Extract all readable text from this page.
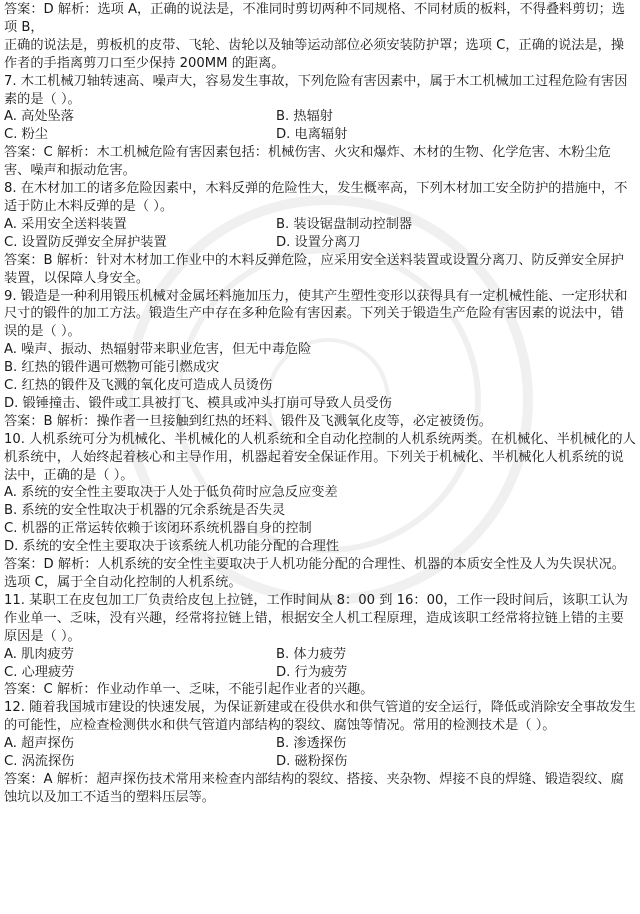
答案：D 解析：选项 A，正确的说法是，不准同时剪切两种不同规格、不同材质的板料，不得叠料剪切；选
项 B，
正确的说法是，剪板机的皮带、飞轮、齿轮以及轴等运动部位必须安装防护罩；选项 C，正确的说法是，操作者的手指离剪刀口至少保持 200MM 的距离。
7. 木工机械刀轴转速高、噪声大，容易发生事故，下列危险有害因素中，属于木工机械加工过程危险有害因素的是（ ）。
A. 高处坠落	B. 热辐射
C. 粉尘	D. 电离辐射
答案：C 解析：木工机械危险有害因素包括：机械伤害、火灾和爆炸、木材的生物、化学危害、木粉尘危害、噪声和振动危害。
8. 在木材加工的诸多危险因素中，木料反弹的危险性大，发生概率高，下列木材加工安全防护的措施中，不适于防止木料反弹的是（ ）。
A. 采用安全送料装置	B. 装设锯盘制动控制器
C. 设置防反弹安全屏护装置	D. 设置分离刀
答案：B 解析：针对木材加工作业中的木料反弹危险，应采用安全送料装置或设置分离刀、防反弹安全屏护装置，以保障人身安全。
9. 锻造是一种利用锻压机械对金属坯料施加压力，使其产生塑性变形以获得具有一定机械性能、一定形状和尺寸的锻件的加工方法。锻造生产中存在多种危险有害因素。下列关于锻造生产危险有害因素的说法中，错误的是（ ）。
A. 噪声、振动、热辐射带来职业危害，但无中毒危险
B. 红热的锻件遇可燃物可能引燃成灾
C. 红热的锻件及飞溅的氧化皮可造成人员烫伤
D. 锻锤撞击、锻件或工具被打飞、模具或冲头打崩可导致人员受伤
答案：B 解析：操作者一旦接触到红热的坯料、锻件及飞溅氧化皮等，必定被烫伤。
10. 人机系统可分为机械化、半机械化的人机系统和全自动化控制的人机系统两类。在机械化、半机械化的人机系统中，人始终起着核心和主导作用，机器起着安全保证作用。下列关于机械化、半机械化人机系统的说法中，正确的是（ ）。
A. 系统的安全性主要取决于人处于低负荷时应急反应变差
B. 系统的安全性取决于机器的冗余系统是否失灵
C. 机器的正常运转依赖于该闭环系统机器自身的控制
D. 系统的安全性主要取决于该系统人机功能分配的合理性
答案：D 解析：人机系统的安全性主要取决于人机功能分配的合理性、机器的本质安全性及人为失误状况。选项 C，属于全自动化控制的人机系统。
11. 某职工在皮包加工厂负责给皮包上拉链，工作时间从 8：00 到 16：00，工作一段时间后，该职工认为作业单一、乏味，没有兴趣，经常将拉链上错，根据安全人机工程原理，造成该职工经常将拉链上错的主要原因是（ ）。
A. 肌肉疲劳	B. 体力疲劳
C. 心理疲劳	D. 行为疲劳
答案：C 解析：作业动作单一、乏味，不能引起作业者的兴趣。
12. 随着我国城市建设的快速发展，为保证新建或在役供水和供气管道的安全运行，降低或消除安全事故发生的可能性，应检查检测供水和供气管道内部结构的裂纹、腐蚀等情况。常用的检测技术是（ ）。
A. 超声探伤	B. 渗透探伤
C. 涡流探伤	D. 磁粉探伤
答案：A 解析：超声探伤技术常用来检查内部结构的裂纹、搭接、夹杂物、焊接不良的焊缝、锻造裂纹、腐蚀坑以及加工不适当的塑料压层等。
